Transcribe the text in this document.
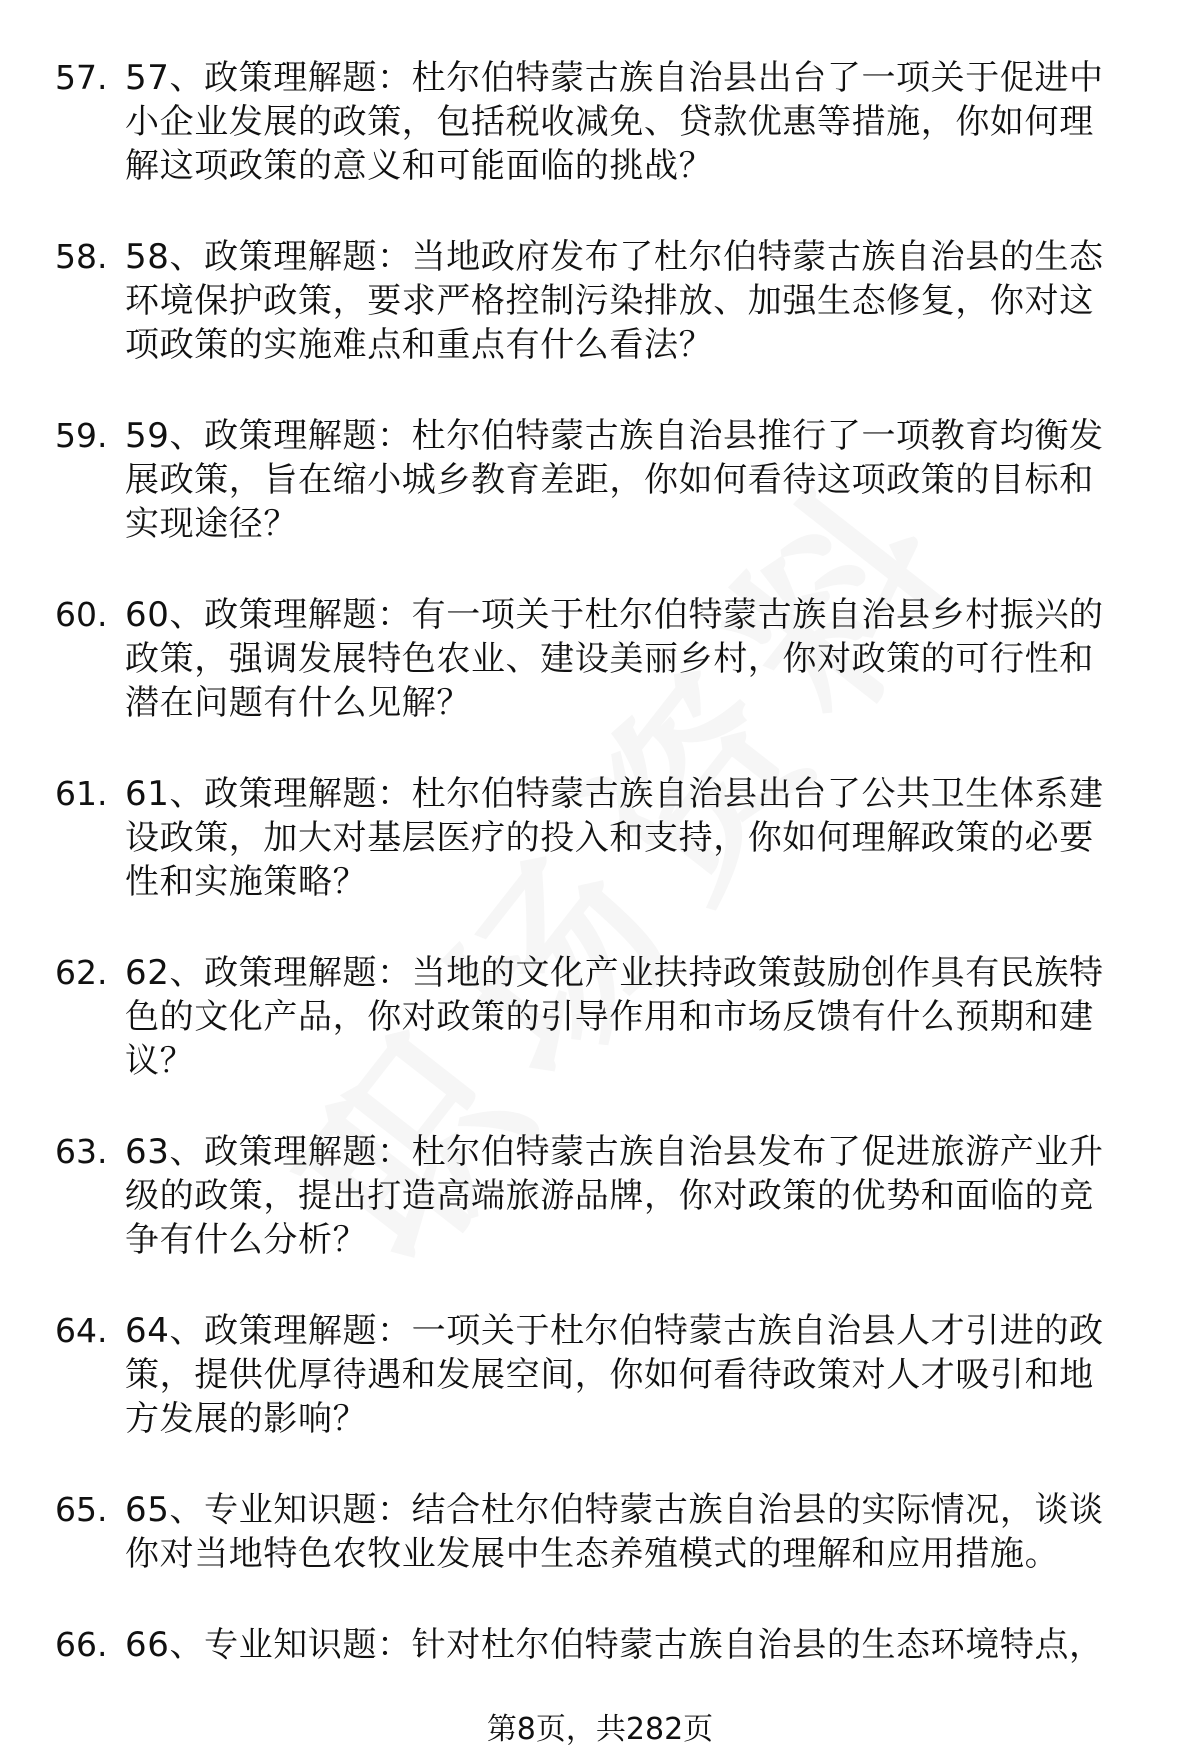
57. 57、政策理解题：杜尔伯特蒙古族自治县出台了一项关于促进中小企业发展的政策，包括税收减免、贷款优惠等措施，你如何理解这项政策的意义和可能面临的挑战？
58. 58、政策理解题：当地政府发布了杜尔伯特蒙古族自治县的生态环境保护政策，要求严格控制污染排放、加强生态修复，你对这项政策的实施难点和重点有什么看法？
59. 59、政策理解题：杜尔伯特蒙古族自治县推行了一项教育均衡发展政策，旨在缩小城乡教育差距，你如何看待这项政策的目标和实现途径？
60. 60、政策理解题：有一项关于杜尔伯特蒙古族自治县乡村振兴的政策，强调发展特色农业、建设美丽乡村，你对政策的可行性和潜在问题有什么见解？
61. 61、政策理解题：杜尔伯特蒙古族自治县出台了公共卫生体系建设政策，加大对基层医疗的投入和支持，你如何理解政策的必要性和实施策略？
62. 62、政策理解题：当地的文化产业扶持政策鼓励创作具有民族特色的文化产品，你对政策的引导作用和市场反馈有什么预期和建议？
63. 63、政策理解题：杜尔伯特蒙古族自治县发布了促进旅游产业升级的政策，提出打造高端旅游品牌，你对政策的优势和面临的竞争有什么分析？
64. 64、政策理解题：一项关于杜尔伯特蒙古族自治县人才引进的政策，提供优厚待遇和发展空间，你如何看待政策对人才吸引和地方发展的影响？
65. 65、专业知识题：结合杜尔伯特蒙古族自治县的实际情况，谈谈你对当地特色农牧业发展中生态养殖模式的理解和应用措施。
66. 66、专业知识题：针对杜尔伯特蒙古族自治县的生态环境特点，
第8页，共282页
